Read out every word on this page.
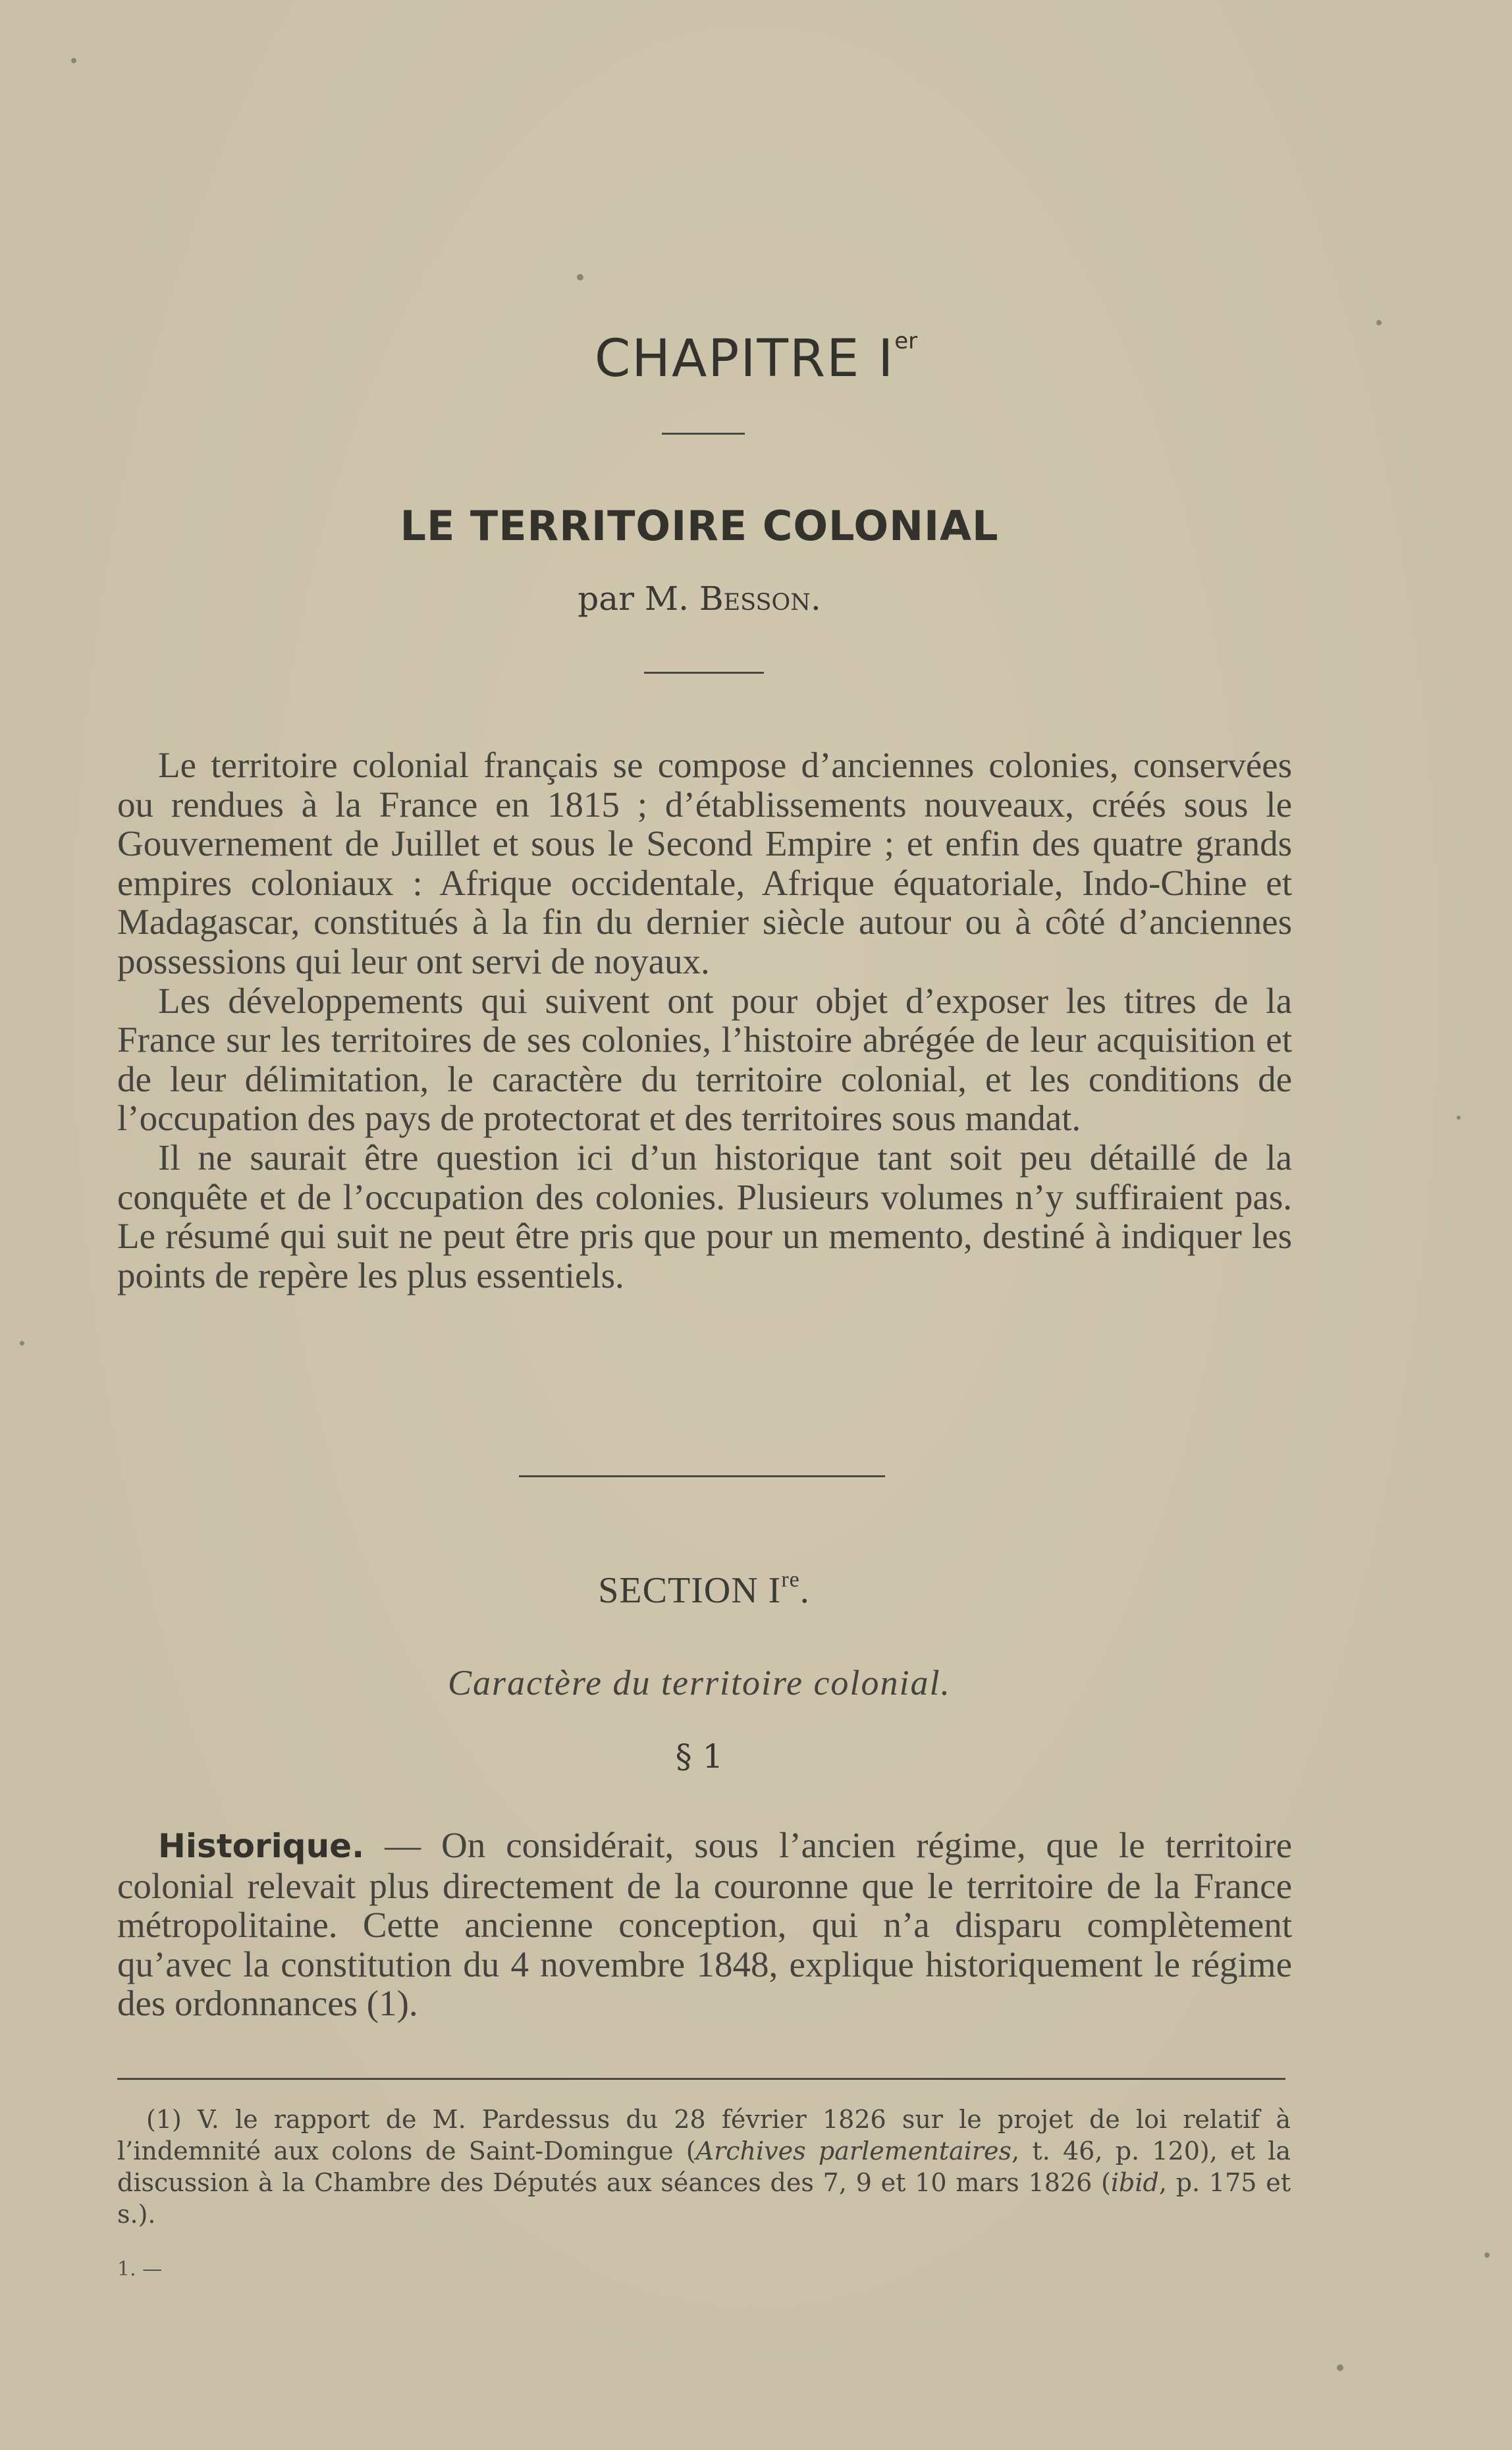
CHAPITRE Ier
LE TERRITOIRE COLONIAL
par M. Besson.

Le territoire colonial français se compose d’anciennes colonies, conservées ou rendues à la France en 1815 ; d’établissements nouveaux, créés sous le Gouvernement de Juillet et sous le Second Empire ; et enfin des quatre grands empires coloniaux : Afrique occidentale, Afrique équatoriale, Indo-Chine et Madagascar, constitués à la fin du dernier siècle autour ou à côté d’anciennes possessions qui leur ont servi de noyaux.

Les développements qui suivent ont pour objet d’exposer les titres de la France sur les territoires de ses colonies, l’histoire abrégée de leur acquisition et de leur délimitation, le caractère du territoire colonial, et les conditions de l’occupation des pays de protectorat et des territoires sous mandat.

Il ne saurait être question ici d’un historique tant soit peu détaillé de la conquête et de l’occupation des colonies. Plusieurs volumes n’y suffiraient pas. Le résumé qui suit ne peut être pris que pour un memento, destiné à indiquer les points de repère les plus essentiels.

SECTION Ire.
Caractère du territoire colonial.
§ 1

Historique. — On considérait, sous l’ancien régime, que le territoire colonial relevait plus directement de la couronne que le territoire de la France métropolitaine. Cette ancienne conception, qui n’a disparu complètement qu’avec la constitution du 4 novembre 1848, explique historiquement le régime des ordonnances (1).

(1) V. le rapport de M. Pardessus du 28 février 1826 sur le projet de loi relatif à l’indemnité aux colons de Saint-Domingue (Archives parlementaires, t. 46, p. 120), et la discussion à la Chambre des Députés aux séances des 7, 9 et 10 mars 1826 (ibid, p. 175 et s.).

1. —
